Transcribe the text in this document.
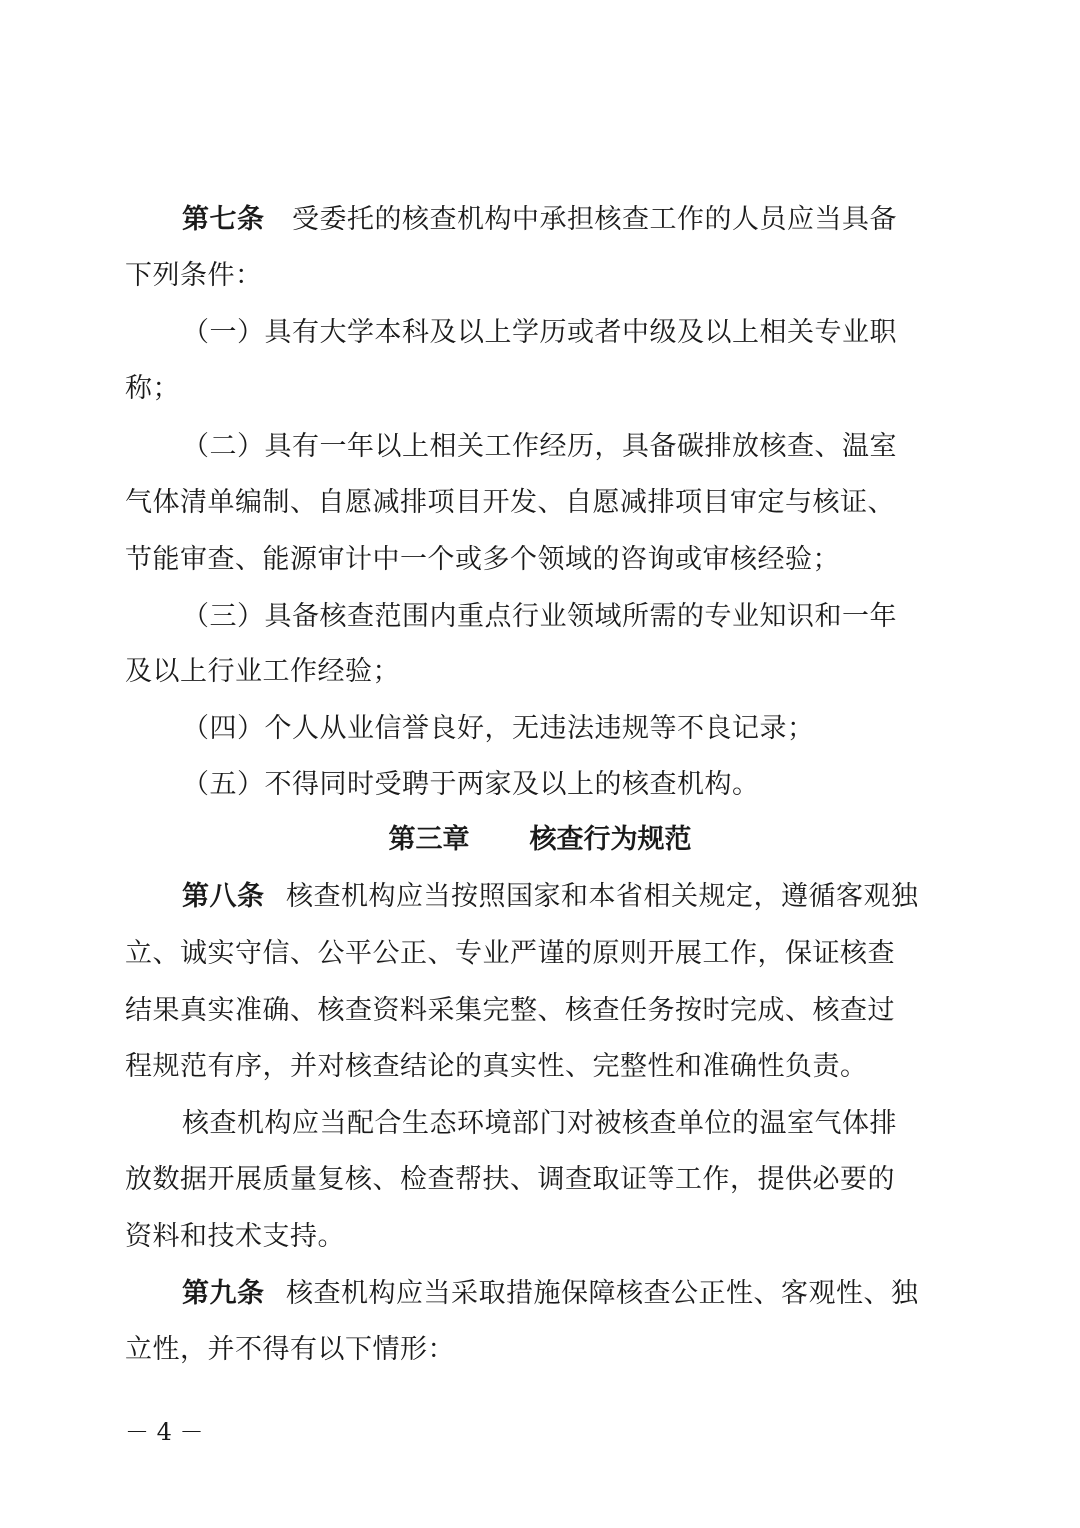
第七条 受委托的核查机构中承担核查工作的人员应当具备
下列条件：
（一）具有大学本科及以上学历或者中级及以上相关专业职
称；
（二）具有一年以上相关工作经历，具备碳排放核查、温室
气体清单编制、自愿减排项目开发、自愿减排项目审定与核证、
节能审查、能源审计中一个或多个领域的咨询或审核经验；
（三）具备核查范围内重点行业领域所需的专业知识和一年
及以上行业工作经验；
（四）个人从业信誉良好，无违法违规等不良记录；
（五）不得同时受聘于两家及以上的核查机构。
第三章 核查行为规范
第八条 核查机构应当按照国家和本省相关规定，遵循客观独
立、诚实守信、公平公正、专业严谨的原则开展工作，保证核查
结果真实准确、核查资料采集完整、核查任务按时完成、核查过
程规范有序，并对核查结论的真实性、完整性和准确性负责。
核查机构应当配合生态环境部门对被核查单位的温室气体排
放数据开展质量复核、检查帮扶、调查取证等工作，提供必要的
资料和技术支持。
第九条 核查机构应当采取措施保障核查公正性、客观性、独
立性，并不得有以下情形：
－ 4 －
